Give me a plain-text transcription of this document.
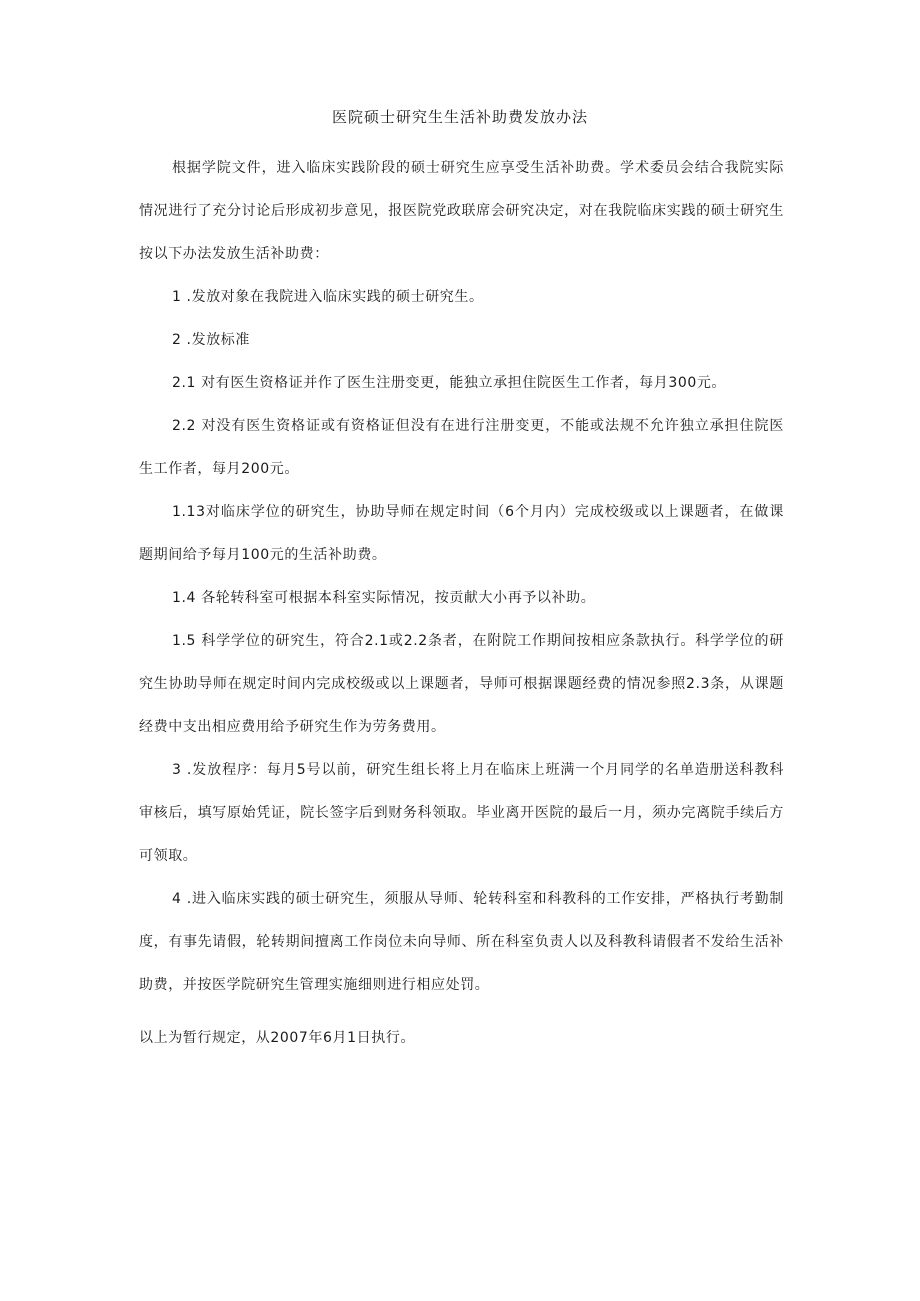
医院硕士研究生生活补助费发放办法

根据学院文件，进入临床实践阶段的硕士研究生应享受生活补助费。学术委员会结合我院实际情况进行了充分讨论后形成初步意见，报医院党政联席会研究决定，对在我院临床实践的硕士研究生按以下办法发放生活补助费：

1 .发放对象在我院进入临床实践的硕士研究生。

2 .发放标准

2.1 对有医生资格证并作了医生注册变更，能独立承担住院医生工作者，每月300元。

2.2 对没有医生资格证或有资格证但没有在进行注册变更，不能或法规不允许独立承担住院医生工作者，每月200元。

1.13对临床学位的研究生，协助导师在规定时间（6个月内）完成校级或以上课题者，在做课题期间给予每月100元的生活补助费。

1.4 各轮转科室可根据本科室实际情况，按贡献大小再予以补助。

1.5 科学学位的研究生，符合2.1或2.2条者，在附院工作期间按相应条款执行。科学学位的研究生协助导师在规定时间内完成校级或以上课题者，导师可根据课题经费的情况参照2.3条，从课题经费中支出相应费用给予研究生作为劳务费用。

3 .发放程序：每月5号以前，研究生组长将上月在临床上班满一个月同学的名单造册送科教科审核后，填写原始凭证，院长签字后到财务科领取。毕业离开医院的最后一月，须办完离院手续后方可领取。

4 .进入临床实践的硕士研究生，须服从导师、轮转科室和科教科的工作安排，严格执行考勤制度，有事先请假，轮转期间擅离工作岗位未向导师、所在科室负责人以及科教科请假者不发给生活补助费，并按医学院研究生管理实施细则进行相应处罚。

以上为暂行规定，从2007年6月1日执行。
